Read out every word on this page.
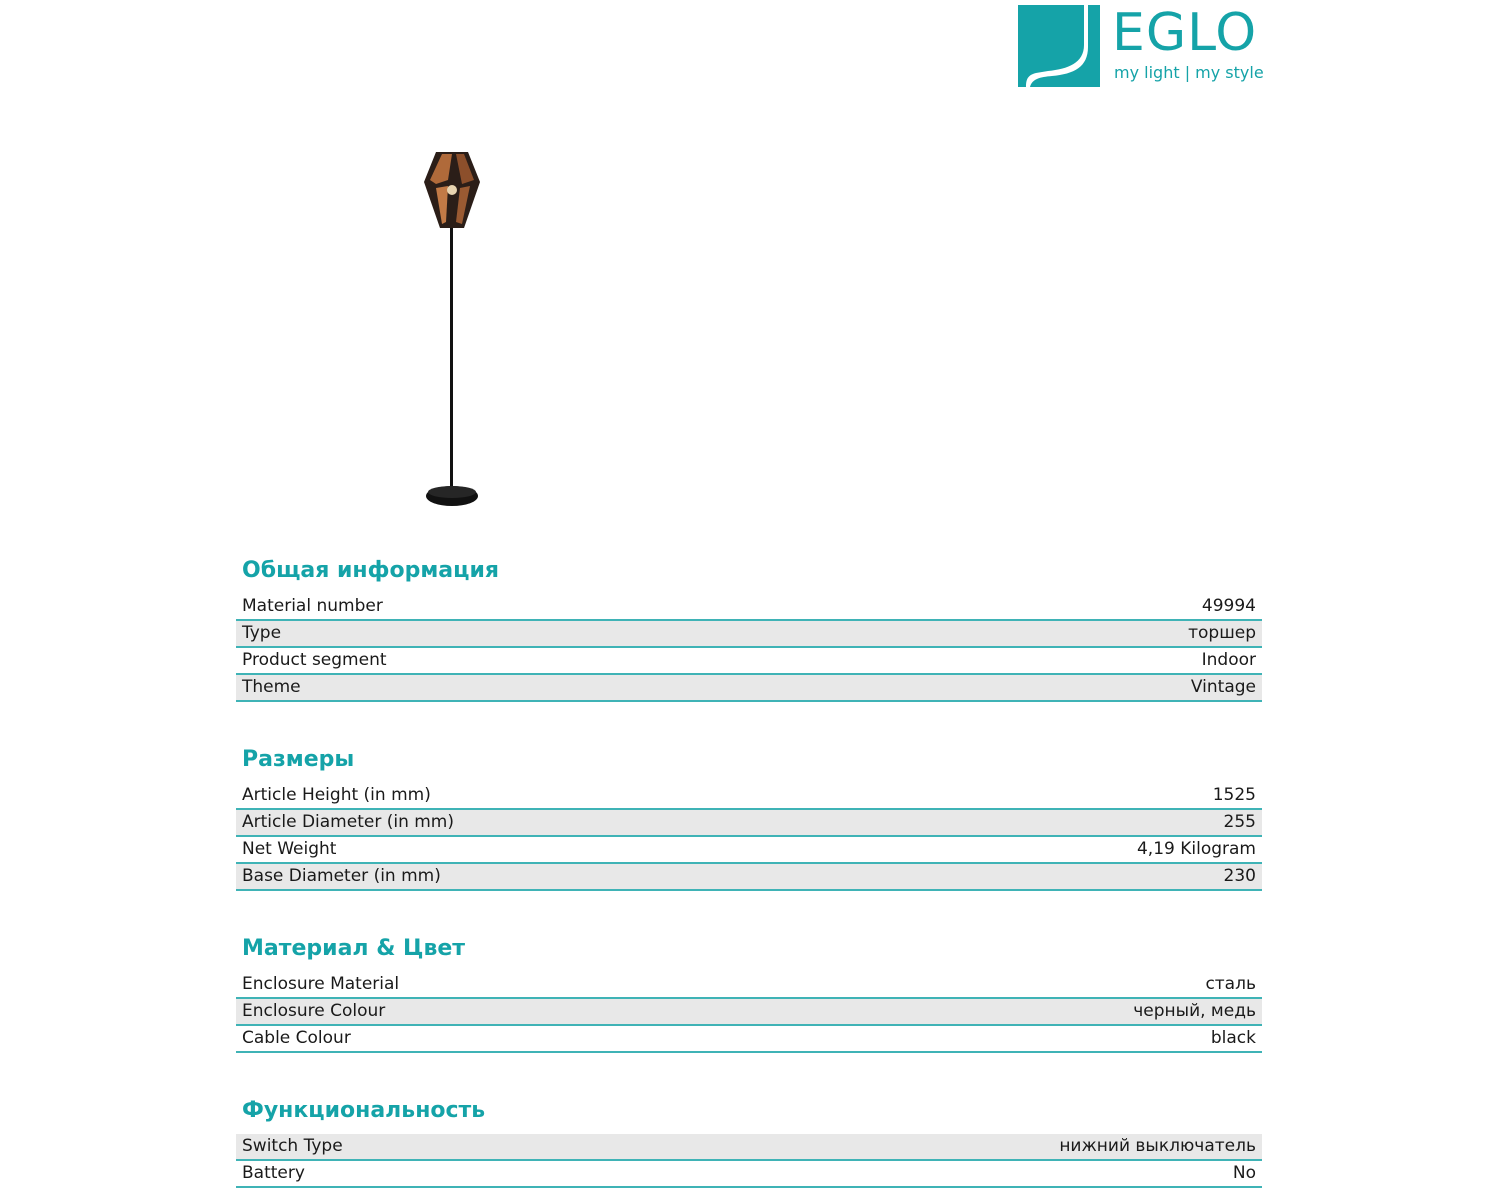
EGLO
my light | my style
Общая информация
Material number	49994
Type	торшер
Product segment	Indoor
Theme	Vintage
Размеры
Article Height (in mm)	1525
Article Diameter (in mm)	255
Net Weight	4,19 Kilogram
Base Diameter (in mm)	230
Материал & Цвет
Enclosure Material	сталь
Enclosure Colour	черный, медь
Cable Colour	black
Функциональность
Switch Type	нижний выключатель
Battery	No
